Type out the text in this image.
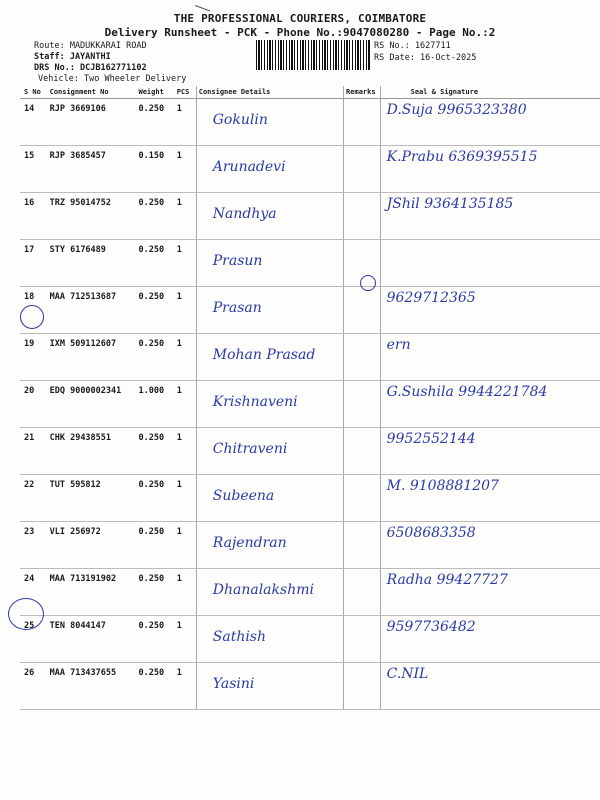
THE PROFESSIONAL COURIERS, COIMBATORE
Delivery Runsheet - PCK - Phone No.:9047080280 - Page No.:2
Route: MADUKKARAI ROAD
Staff: JAYANTHI
DRS No.: DCJB162771102
Vehicle: Two Wheeler Delivery
RS No.: 1627711
RS Date: 16-Oct-2025
S No	Consignment No	Weight	PCS	Consignee Details	Remarks	Seal & Signature
14	RJP 3669106	0.250	1	Gokulin		D.Suja 9965323380

15	RJP 3685457	0.150	1	Arunadevi		K.Prabu 6369395515

16	TRZ 95014752	0.250	1	Nandhya		JShil 9364135185

17	STY 6176489	0.250	1	Prasun		

18	MAA 712513687	0.250	1	Prasan		9629712365

19	IXM 509112607	0.250	1	Mohan Prasad		ern

20	EDQ 9000002341	1.000	1	Krishnaveni		G.Sushila 9944221784

21	CHK 29438551	0.250	1	Chitraveni		9952552144

22	TUT 595812	0.250	1	Subeena		M. 9108881207

23	VLI 256972	0.250	1	Rajendran		6508683358

24	MAA 713191902	0.250	1	Dhanalakshmi		Radha 99427727

25	TEN 8044147	0.250	1	Sathish		9597736482

26	MAA 713437655	0.250	1	Yasini		C.NIL
